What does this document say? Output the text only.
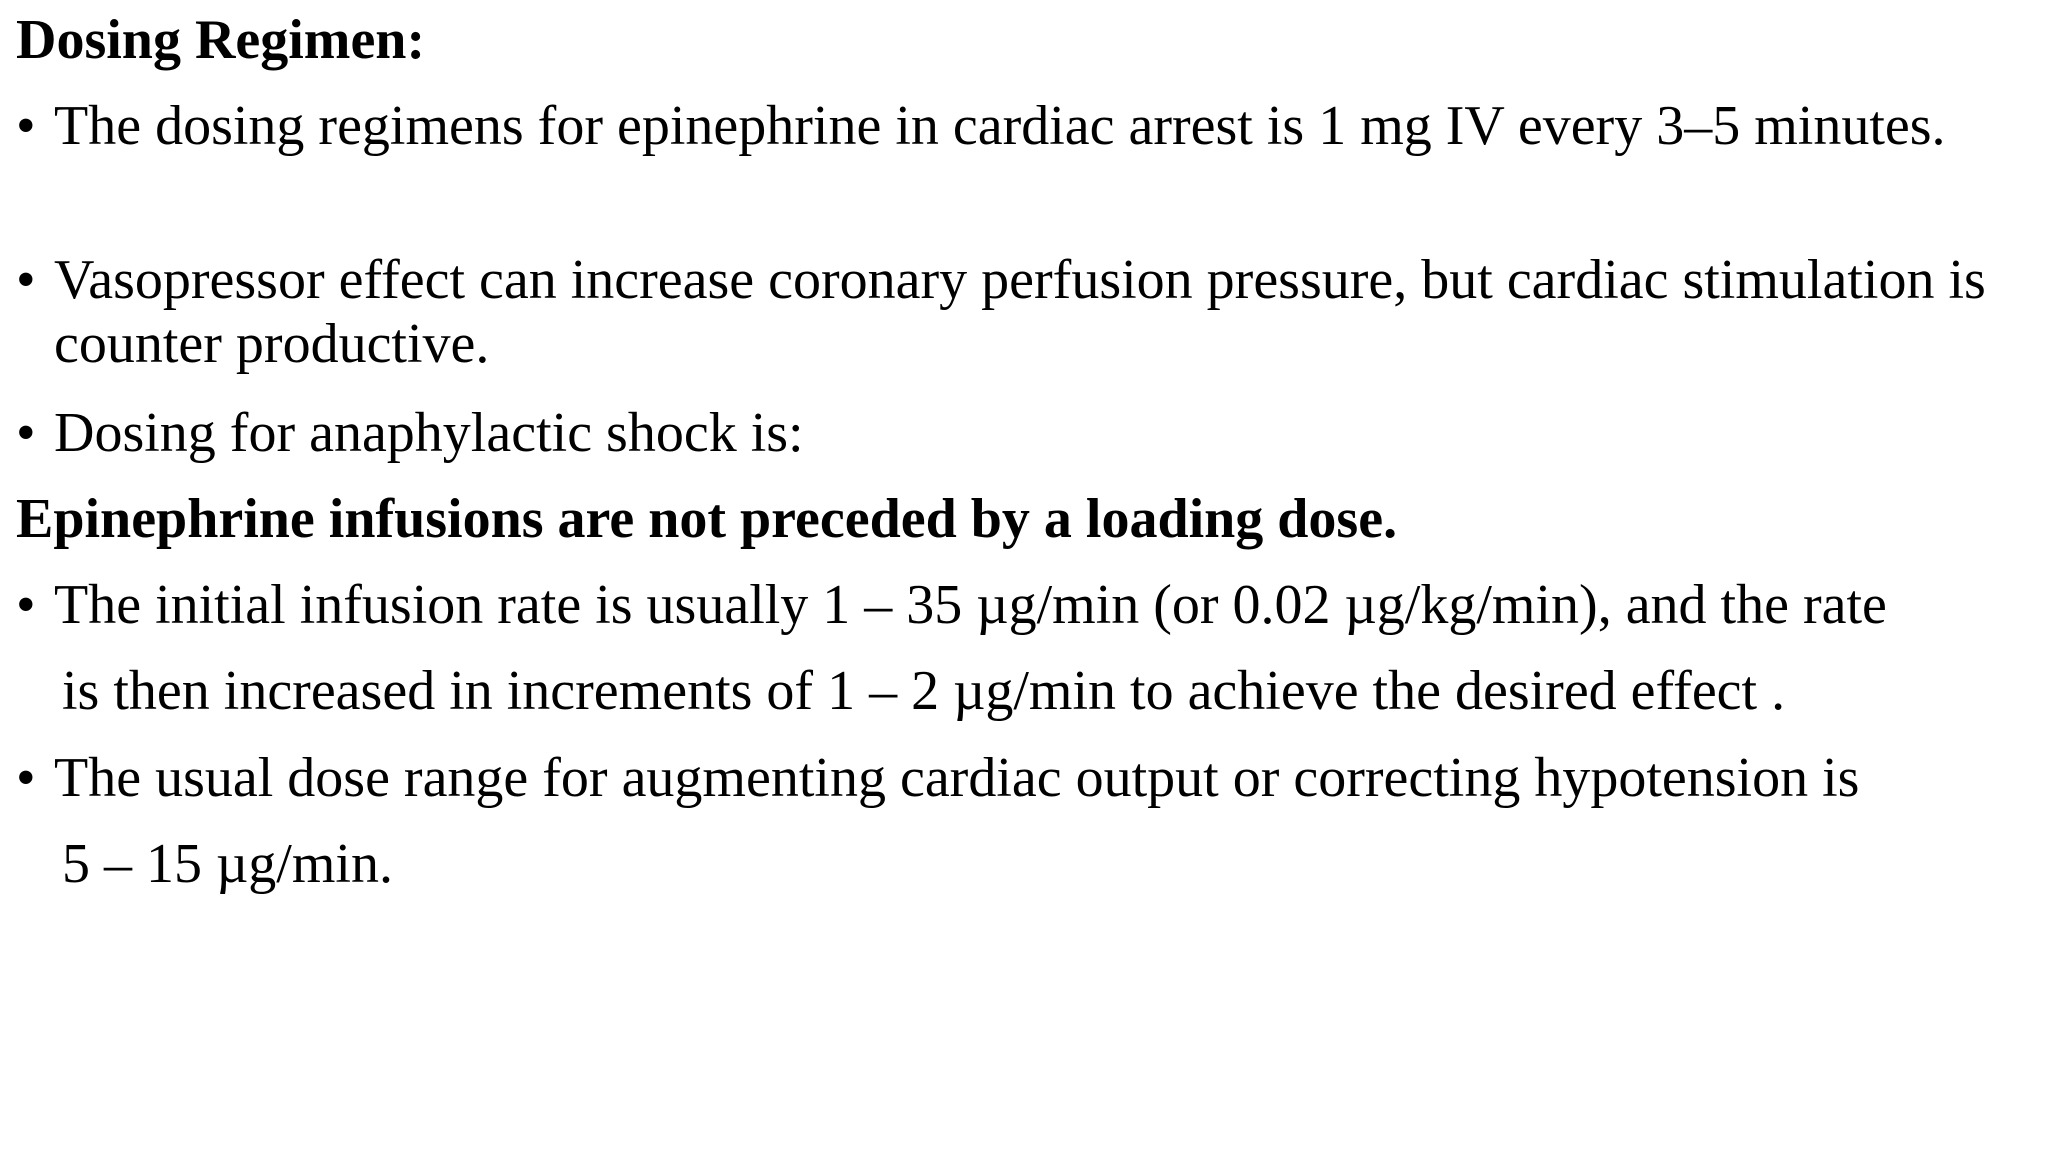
Dosing Regimen:
• The dosing regimens for epinephrine in cardiac arrest is 1 mg IV every 3–5 minutes.
• Vasopressor effect can increase coronary perfusion pressure, but cardiac stimulation is counter productive.
• Dosing for anaphylactic shock is:
Epinephrine infusions are not preceded by a loading dose.
• The initial infusion rate is usually 1 – 35 µg/min (or 0.02 µg/kg/min), and the rate
is then increased in increments of 1 – 2 µg/min to achieve the desired effect .
• The usual dose range for augmenting cardiac output or correcting hypotension is
5 – 15 µg/min.
